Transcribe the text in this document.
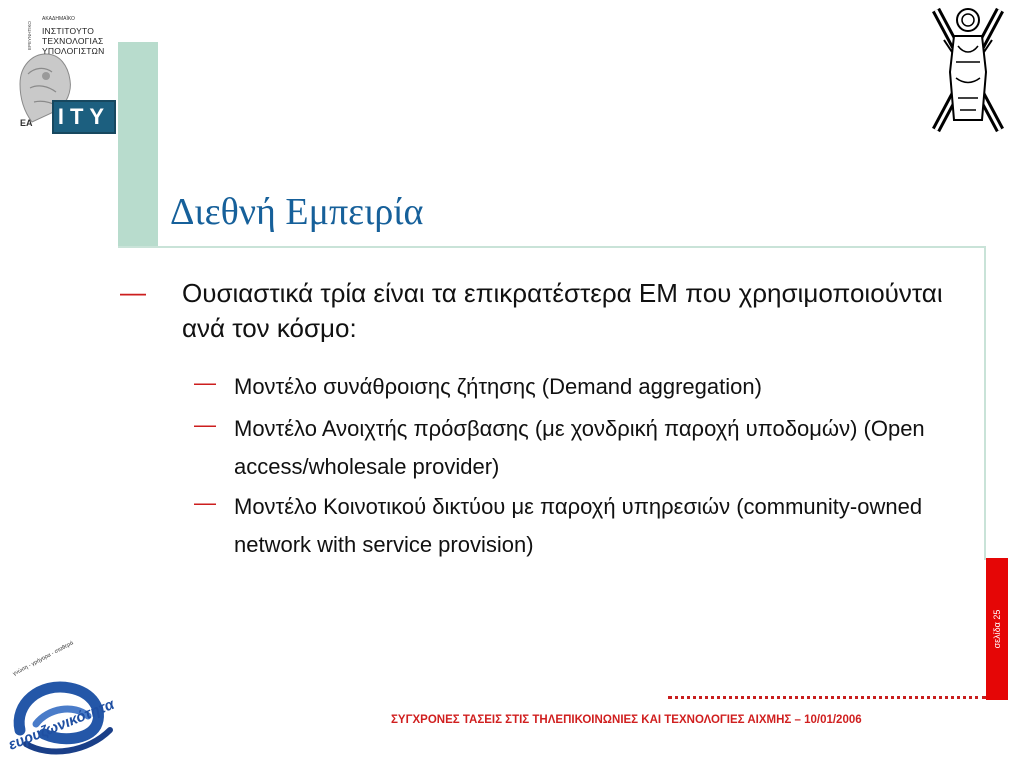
ΑΚΑΔΗΜΑΪΚΟ
ΕΡΕΥΝΗΤΙΚΟ ΙΝΣΤΙΤΟΥΤΟ
ΤΕΧΝΟΛΟΓΙΑΣ
ΥΠΟΛΟΓΙΣΤΩΝ
ΕΑ ITY
Διεθνή Εμπειρία
— Ουσιαστικά τρία είναι τα επικρατέστερα ΕΜ που χρησιμοποιούνται ανά τον κόσμο:
— Μοντέλο συνάθροισης ζήτησης (Demand aggregation)
— Μοντέλο Ανοιχτής πρόσβασης (με χονδρική παροχή υποδομών) (Open access/wholesale provider)
— Μοντέλο Κοινοτικού δικτύου με παροχή υπηρεσιών (community-owned network with service provision)
σελίδα 25
ΣΥΓΧΡΟΝΕΣ ΤΑΣΕΙΣ ΣΤΙΣ ΤΗΛΕΠΙΚΟΙΝΩΝΙΕΣ ΚΑΙ ΤΕΧΝΟΛΟΓΙΕΣ ΑΙΧΜΗΣ – 10/01/2006
γνώση - γρήγορα - σταθερά
ευρυζωνικότητα
